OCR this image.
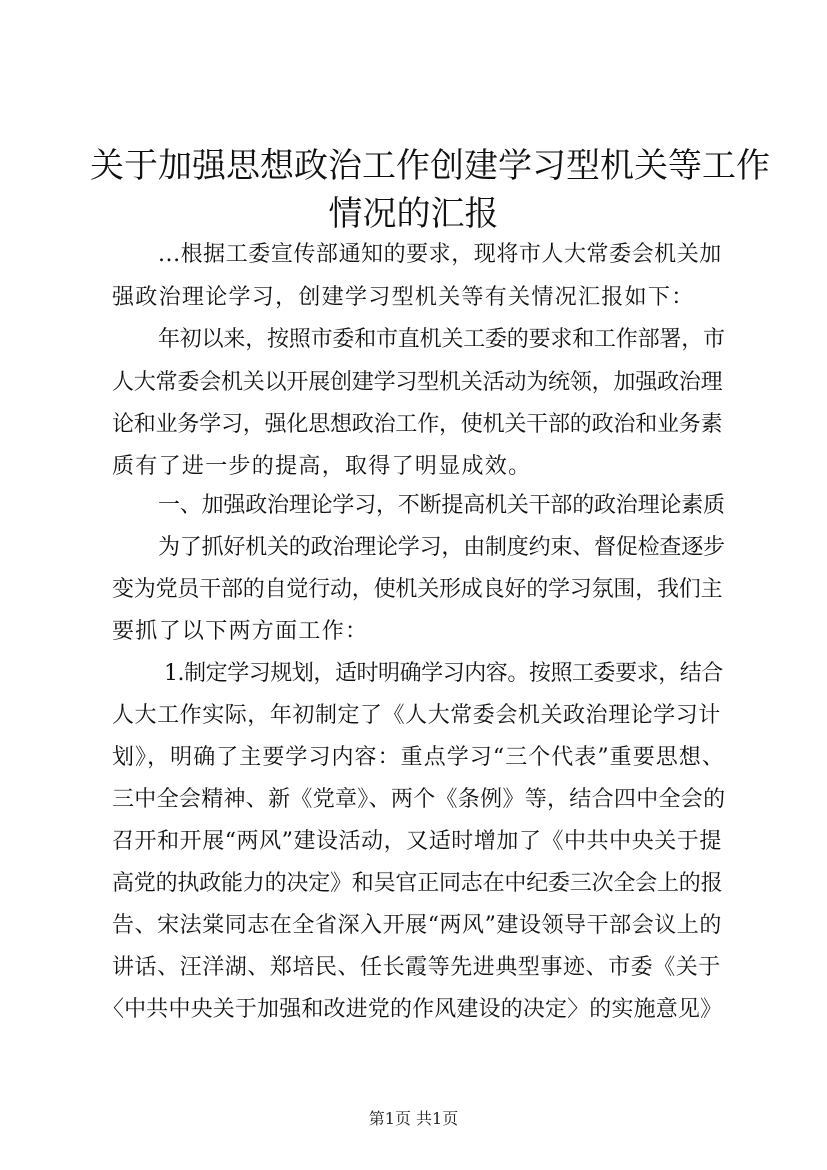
关于加强思想政治工作创建学习型机关等工作
情况的汇报
...根据工委宣传部通知的要求，现将市人大常委会机关加
强政治理论学习，创建学习型机关等有关情况汇报如下：
年初以来，按照市委和市直机关工委的要求和工作部署，市
人大常委会机关以开展创建学习型机关活动为统领，加强政治理
论和业务学习，强化思想政治工作，使机关干部的政治和业务素
质有了进一步的提高，取得了明显成效。
一、加强政治理论学习，不断提高机关干部的政治理论素质
为了抓好机关的政治理论学习，由制度约束、督促检查逐步
变为党员干部的自觉行动，使机关形成良好的学习氛围，我们主
要抓了以下两方面工作：
1.制定学习规划，适时明确学习内容。按照工委要求，结合
人大工作实际，年初制定了《人大常委会机关政治理论学习计
划》，明确了主要学习内容：重点学习“三个代表”重要思想、
三中全会精神、新《党章》、两个《条例》等，结合四中全会的
召开和开展“两风”建设活动，又适时增加了《中共中央关于提
高党的执政能力的决定》和吴官正同志在中纪委三次全会上的报
告、宋法棠同志在全省深入开展“两风”建设领导干部会议上的
讲话、汪洋湖、郑培民、任长霞等先进典型事迹、市委《关于
〈中共中央关于加强和改进党的作风建设的决定〉的实施意见》
第1页 共1页
